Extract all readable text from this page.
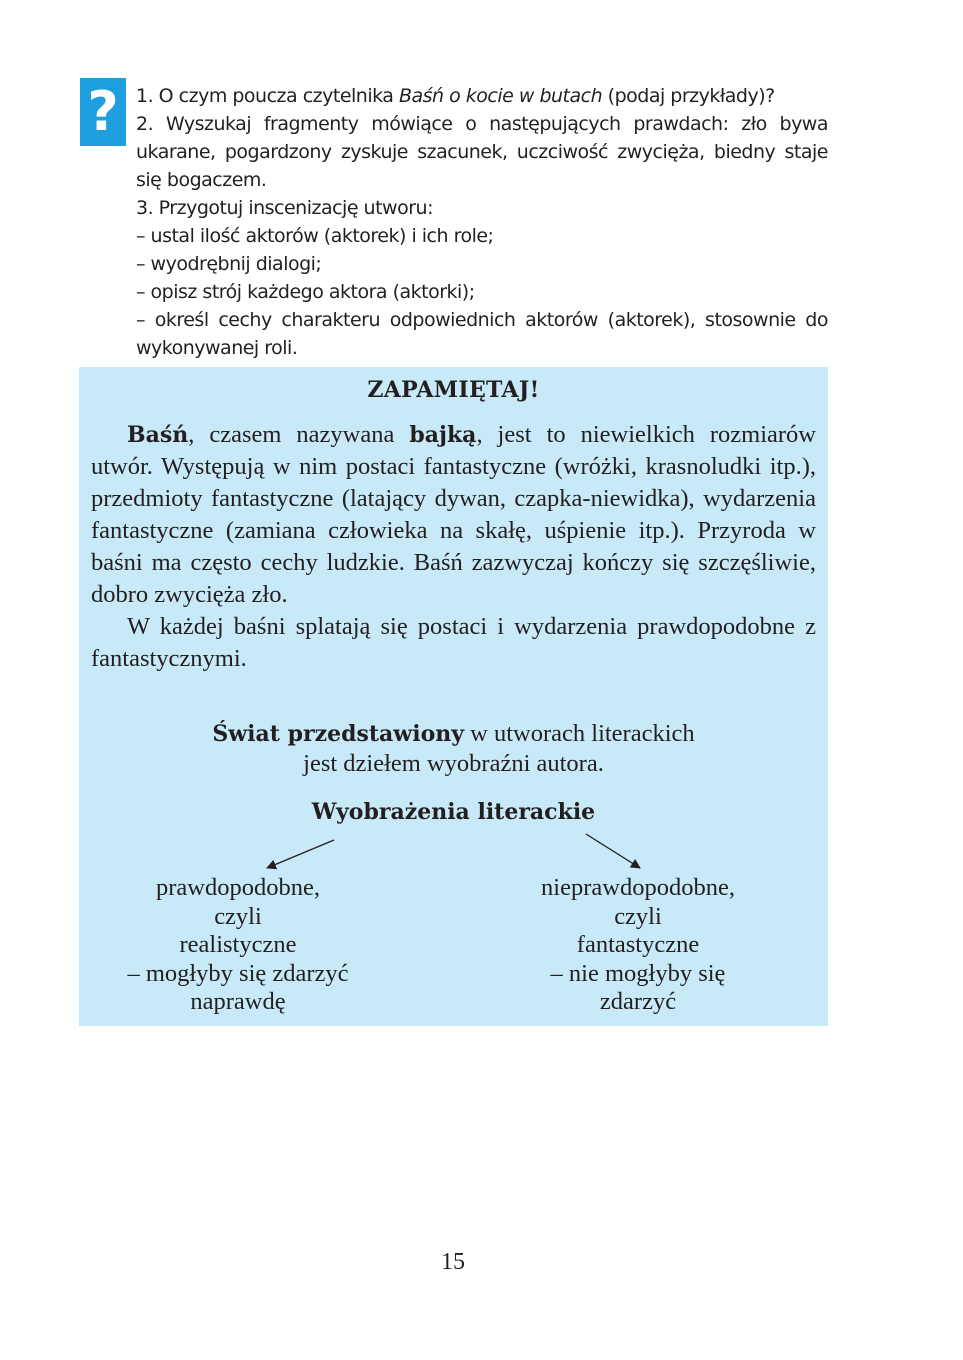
? 1. O czym poucza czytelnika Baśń o kocie w butach (podaj przykłady)?

2. Wyszukaj fragmenty mówiące o następujących prawdach: zło bywa ukarane, pogardzony zyskuje szacunek, uczciwość zwycięża, biedny staje się bogaczem.

3. Przygotuj inscenizację utworu:

– ustal ilość aktorów (aktorek) i ich role;

– wyodrębnij dialogi;

– opisz strój każdego aktora (aktorki);

– określ cechy charakteru odpowiednich aktorów (aktorek), stosownie do wykonywanej roli.

ZAPAMIĘTAJ!

Baśń, czasem nazywana bajką, jest to niewielkich rozmiarów utwór. Występują w nim postaci fantastyczne (wróżki, krasnoludki itp.), przedmioty fantastyczne (latający dywan, czapka-niewidka), wydarzenia fantastyczne (zamiana człowieka na skałę, uśpienie itp.). Przyroda w baśni ma często cechy ludzkie. Baśń zazwyczaj kończy się szczęśliwie, dobro zwycięża zło.

W każdej baśni splatają się postaci i wydarzenia prawdopodobne z fantastycznymi.

Świat przedstawiony w utworach literackich
jest dziełem wyobraźni autora.
Wyobrażenia literackie
prawdopodobne,
czyli
realistyczne
– mogłyby się zdarzyć
naprawdę
nieprawdopodobne,
czyli
fantastyczne
– nie mogłyby się
zdarzyć
15
